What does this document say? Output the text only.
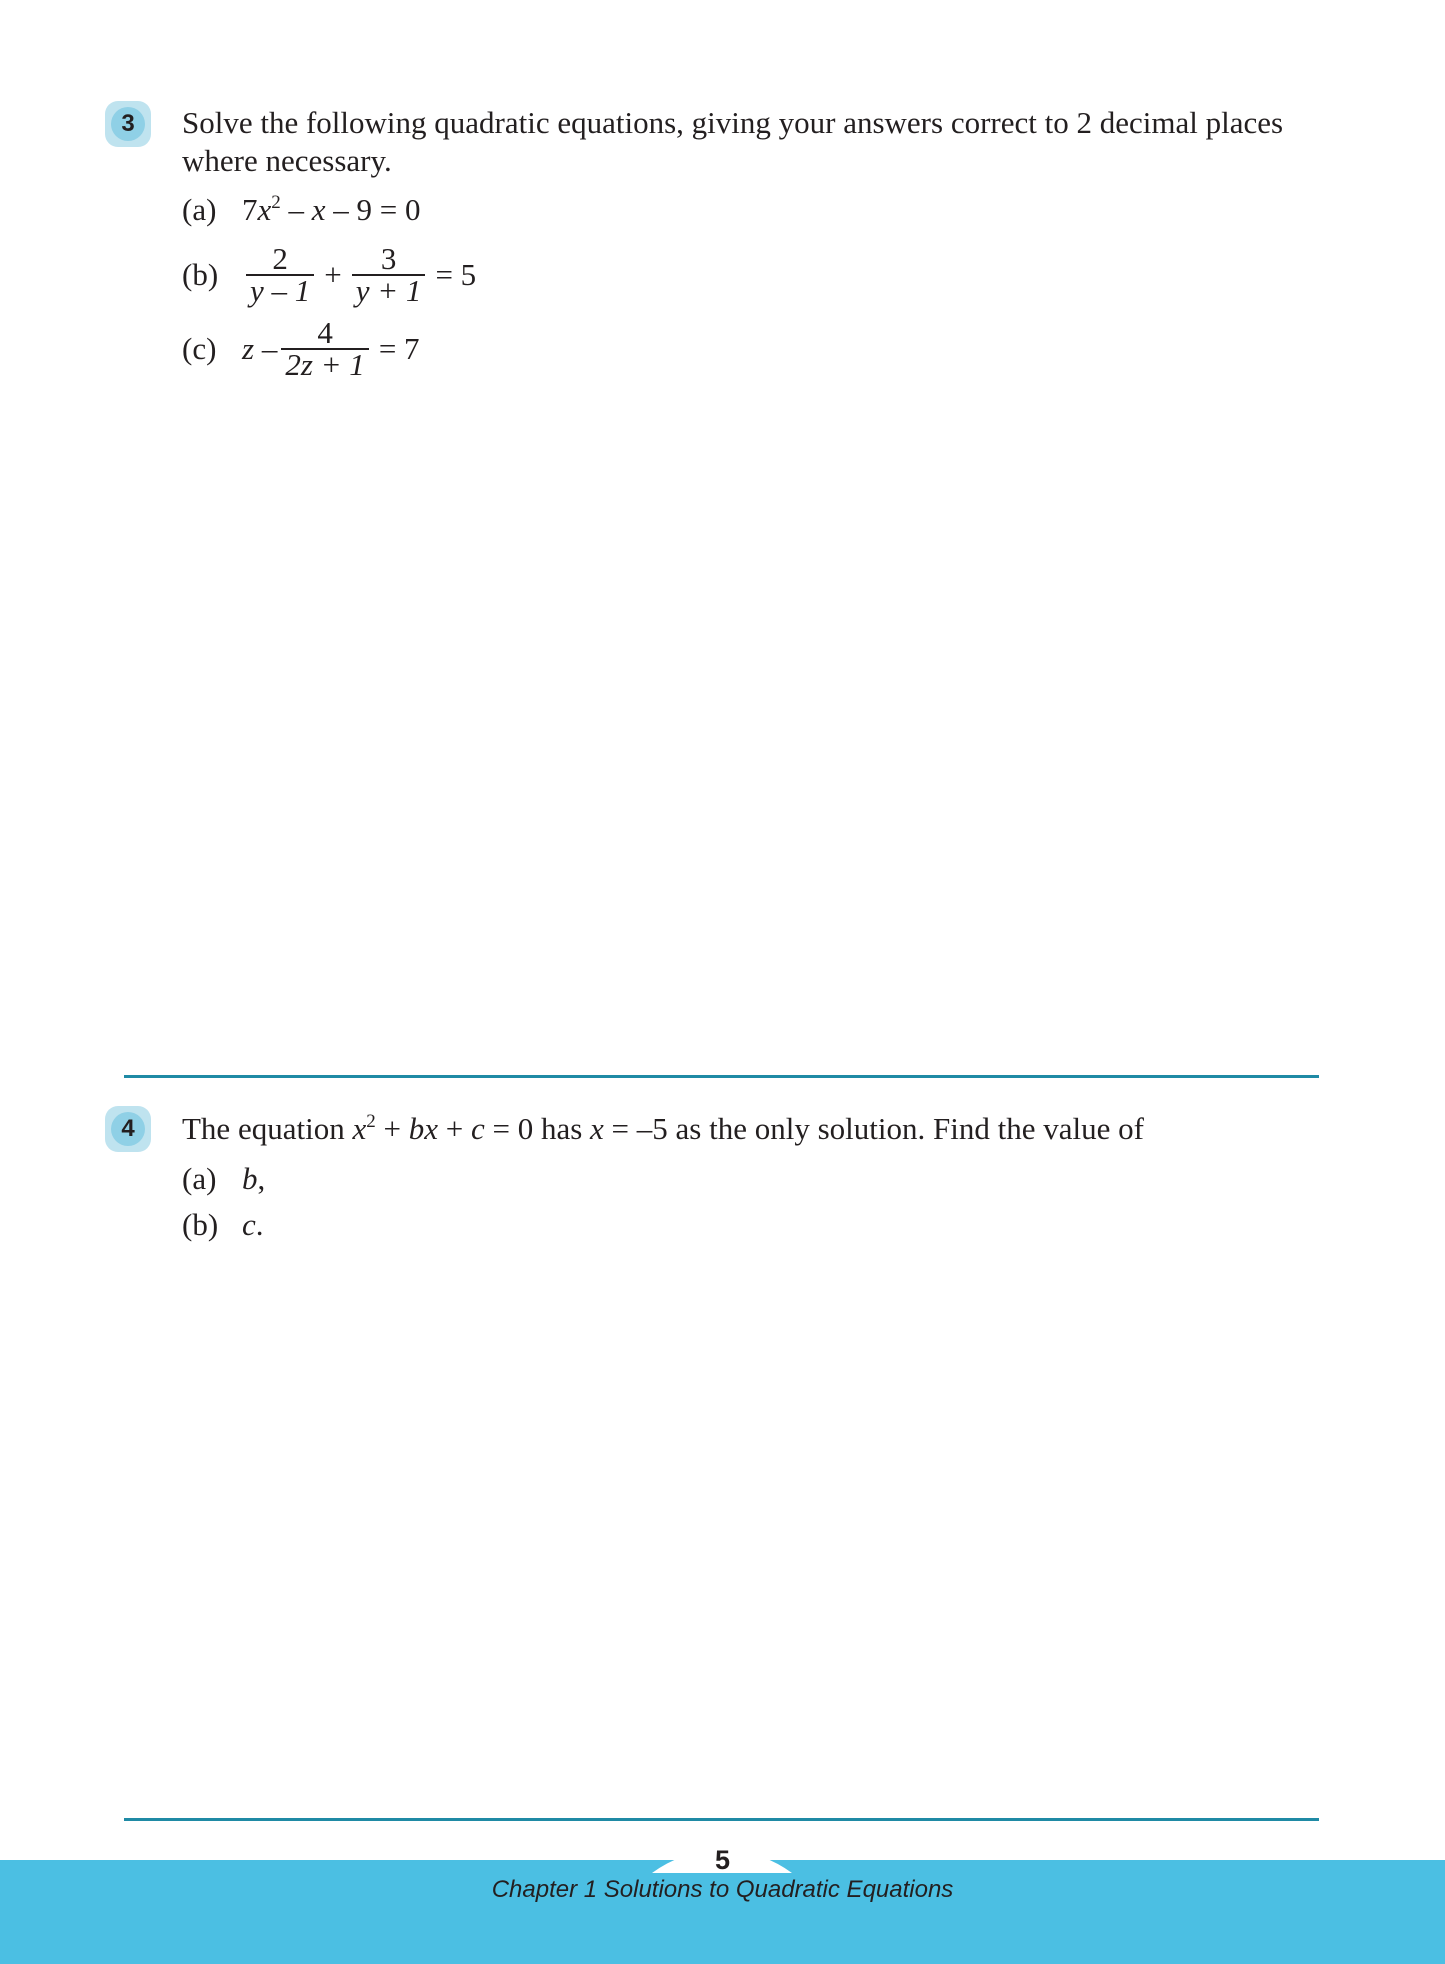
3	Solve the following quadratic equations, giving your answers correct to 2 decimal places
where necessary.
(a) $7x^2 - x - 9 = 0$
$(b) \frac{2}{y - 1} + \frac{3}{y + 1} = 5$
(c) $z - \frac{4}{2z + 1} = 7$
4	The equation $x^2$ + bx + c = 0 has x = –5 as the only solution. Find the value of
(a) b ,
(b) c .
5
Chapter 1 Solutions to Quadratic Equations
